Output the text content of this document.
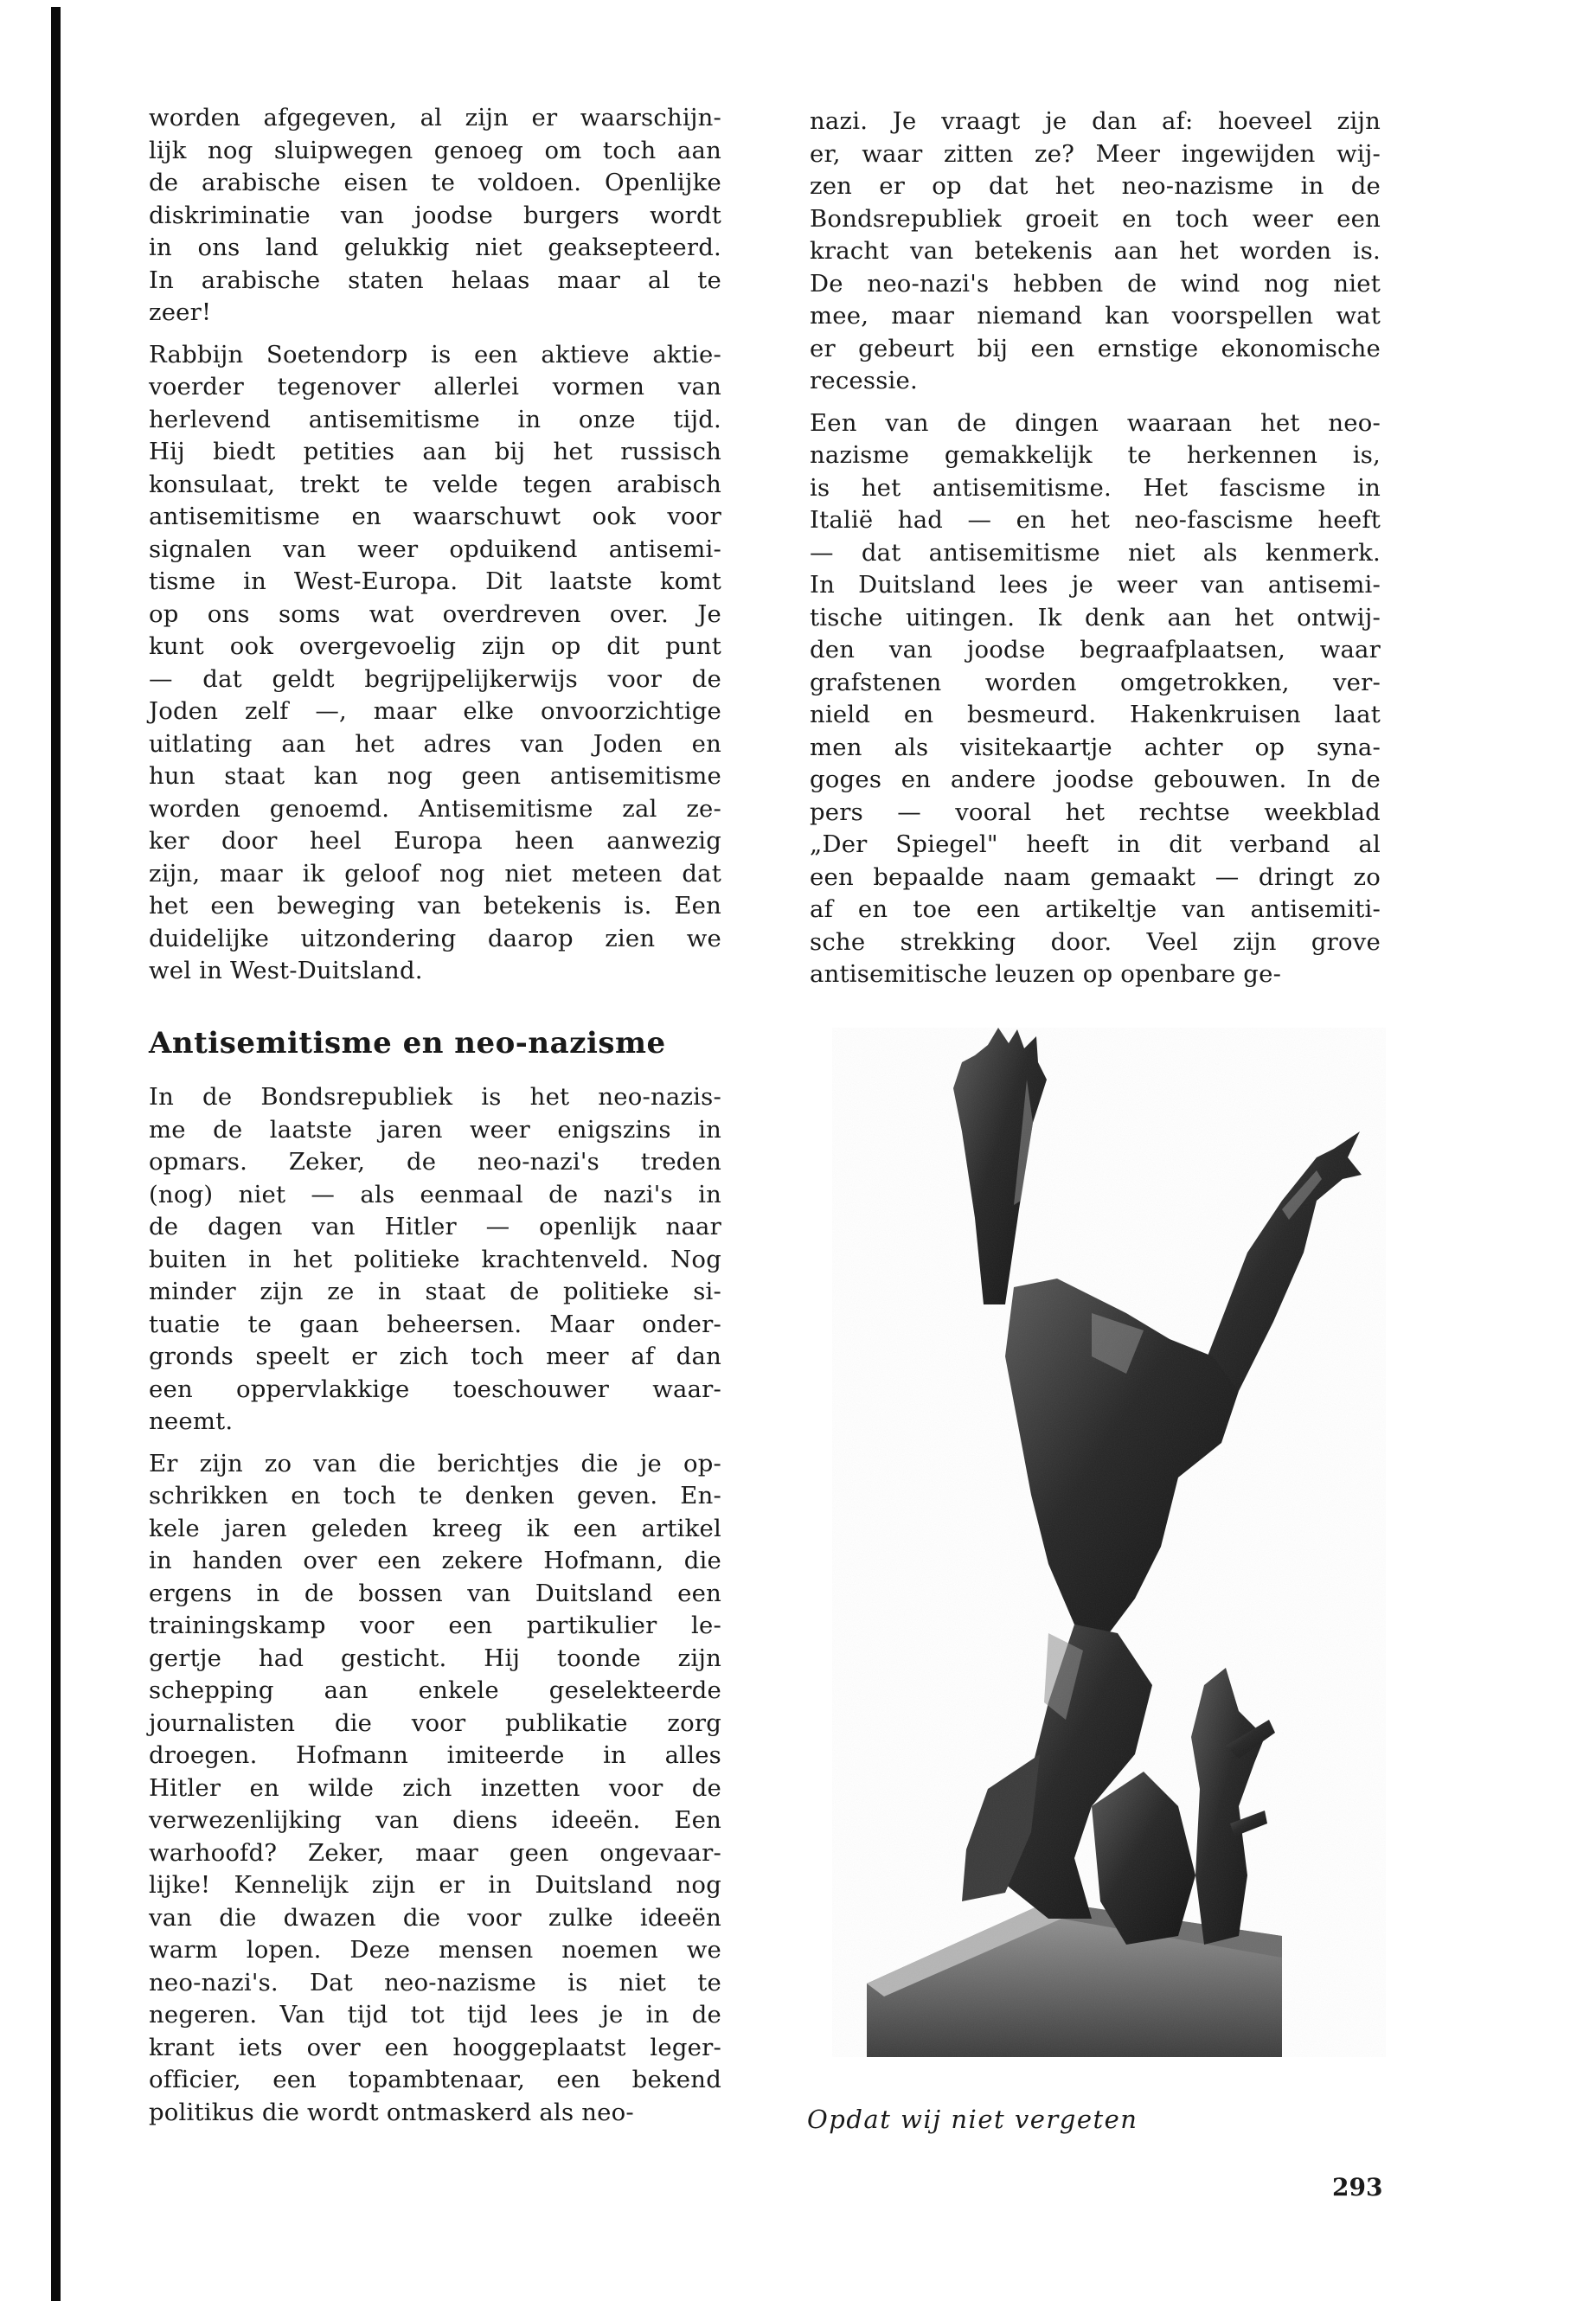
worden afgegeven, al zijn er waarschijn-
lijk nog sluipwegen genoeg om toch aan
de arabische eisen te voldoen. Openlijke
diskriminatie van joodse burgers wordt
in ons land gelukkig niet geaksepteerd.
In arabische staten helaas maar al te
zeer!

Rabbijn Soetendorp is een aktieve aktie-
voerder tegenover allerlei vormen van
herlevend antisemitisme in onze tijd.
Hij biedt petities aan bij het russisch
konsulaat, trekt te velde tegen arabisch
antisemitisme en waarschuwt ook voor
signalen van weer opduikend antisemi-
tisme in West-Europa. Dit laatste komt
op ons soms wat overdreven over. Je
kunt ook overgevoelig zijn op dit punt
— dat geldt begrijpelijkerwijs voor de
Joden zelf —, maar elke onvoorzichtige
uitlating aan het adres van Joden en
hun staat kan nog geen antisemitisme
worden genoemd. Antisemitisme zal ze-
ker door heel Europa heen aanwezig
zijn, maar ik geloof nog niet meteen dat
het een beweging van betekenis is. Een
duidelijke uitzondering daarop zien we
wel in West-Duitsland.

Antisemitisme en neo-nazisme

In de Bondsrepubliek is het neo-nazis-
me de laatste jaren weer enigszins in
opmars. Zeker, de neo-nazi's treden
(nog) niet — als eenmaal de nazi's in
de dagen van Hitler — openlijk naar
buiten in het politieke krachtenveld. Nog
minder zijn ze in staat de politieke si-
tuatie te gaan beheersen. Maar onder-
gronds speelt er zich toch meer af dan
een oppervlakkige toeschouwer waar-
neemt.

Er zijn zo van die berichtjes die je op-
schrikken en toch te denken geven. En-
kele jaren geleden kreeg ik een artikel
in handen over een zekere Hofmann, die
ergens in de bossen van Duitsland een
trainingskamp voor een partikulier le-
gertje had gesticht. Hij toonde zijn
schepping aan enkele geselekteerde
journalisten die voor publikatie zorg
droegen. Hofmann imiteerde in alles
Hitler en wilde zich inzetten voor de
verwezenlijking van diens ideeën. Een
warhoofd? Zeker, maar geen ongevaar-
lijke! Kennelijk zijn er in Duitsland nog
van die dwazen die voor zulke ideeën
warm lopen. Deze mensen noemen we
neo-nazi's. Dat neo-nazisme is niet te
negeren. Van tijd tot tijd lees je in de
krant iets over een hooggeplaatst leger-
officier, een topambtenaar, een bekend
politikus die wordt ontmaskerd als neo-

nazi. Je vraagt je dan af: hoeveel zijn
er, waar zitten ze? Meer ingewijden wij-
zen er op dat het neo-nazisme in de
Bondsrepubliek groeit en toch weer een
kracht van betekenis aan het worden is.
De neo-nazi's hebben de wind nog niet
mee, maar niemand kan voorspellen wat
er gebeurt bij een ernstige ekonomische
recessie.

Een van de dingen waaraan het neo-
nazisme gemakkelijk te herkennen is,
is het antisemitisme. Het fascisme in
Italië had — en het neo-fascisme heeft
— dat antisemitisme niet als kenmerk.
In Duitsland lees je weer van antisemi-
tische uitingen. Ik denk aan het ontwij-
den van joodse begraafplaatsen, waar
grafstenen worden omgetrokken, ver-
nield en besmeurd. Hakenkruisen laat
men als visitekaartje achter op syna-
goges en andere joodse gebouwen. In de
pers — vooral het rechtse weekblad
„Der Spiegel" heeft in dit verband al
een bepaalde naam gemaakt — dringt zo
af en toe een artikeltje van antisemiti-
sche strekking door. Veel zijn grove
antisemitische leuzen op openbare ge-

Opdat wij niet vergeten

293
